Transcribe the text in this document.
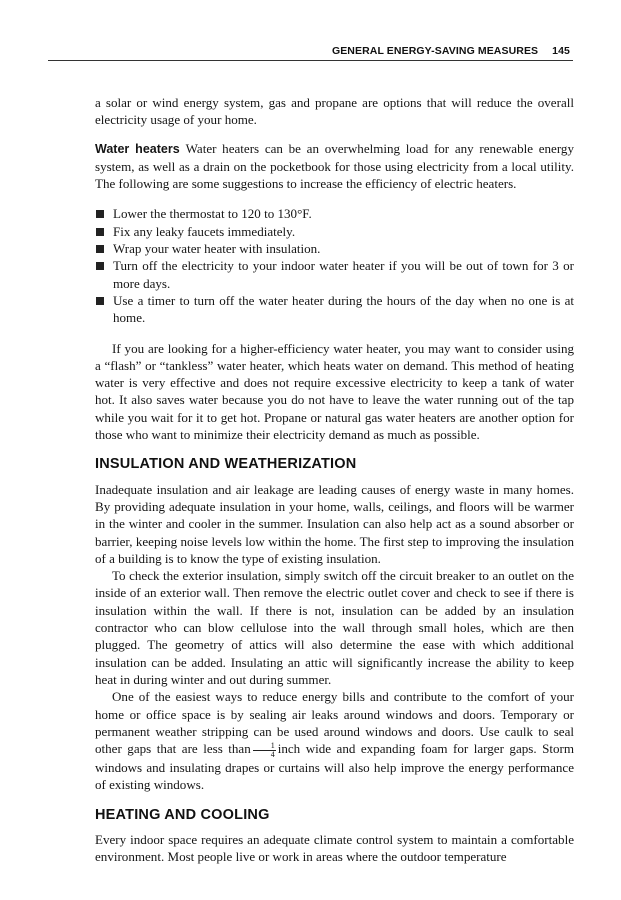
GENERAL ENERGY-SAVING MEASURES 145

a solar or wind energy system, gas and propane are options that will reduce the overall electricity usage of your home.

Water heaters Water heaters can be an overwhelming load for any renewable energy system, as well as a drain on the pocketbook for those using electricity from a local utility. The following are some suggestions to increase the efficiency of electric heaters.

Lower the thermostat to 120 to 130°F.
Fix any leaky faucets immediately.
Wrap your water heater with insulation.
Turn off the electricity to your indoor water heater if you will be out of town for 3 or more days.
Use a timer to turn off the water heater during the hours of the day when no one is at home.

If you are looking for a higher-efficiency water heater, you may want to consider using a “flash” or “tankless” water heater, which heats water on demand. This method of heating water is very effective and does not require excessive electricity to keep a tank of water hot. It also saves water because you do not have to leave the water running out of the tap while you wait for it to get hot. Propane or natural gas water heaters are another option for those who want to minimize their electricity demand as much as possible.

INSULATION AND WEATHERIZATION

Inadequate insulation and air leakage are leading causes of energy waste in many homes. By providing adequate insulation in your home, walls, ceilings, and floors will be warmer in the winter and cooler in the summer. Insulation can also help act as a sound absorber or barrier, keeping noise levels low within the home. The first step to improving the insulation of a building is to know the type of existing insulation.

To check the exterior insulation, simply switch off the circuit breaker to an outlet on the inside of an exterior wall. Then remove the electric outlet cover and check to see if there is insulation within the wall. If there is not, insulation can be added by an insulation contractor who can blow cellulose into the wall through small holes, which are then plugged. The geometry of attics will also determine the ease with which additional insulation can be added. Insulating an attic will significantly increase the ability to keep heat in during winter and out during summer.

One of the easiest ways to reduce energy bills and contribute to the comfort of your home or office space is by sealing air leaks around windows and doors. Temporary or permanent weather stripping can be used around windows and doors. Use caulk to seal other gaps that are less than $\frac{1}{4}$ inch wide and expanding foam for larger gaps. Storm windows and insulating drapes or curtains will also help improve the energy performance of existing windows.

HEATING AND COOLING

Every indoor space requires an adequate climate control system to maintain a comfortable environment. Most people live or work in areas where the outdoor temperature
